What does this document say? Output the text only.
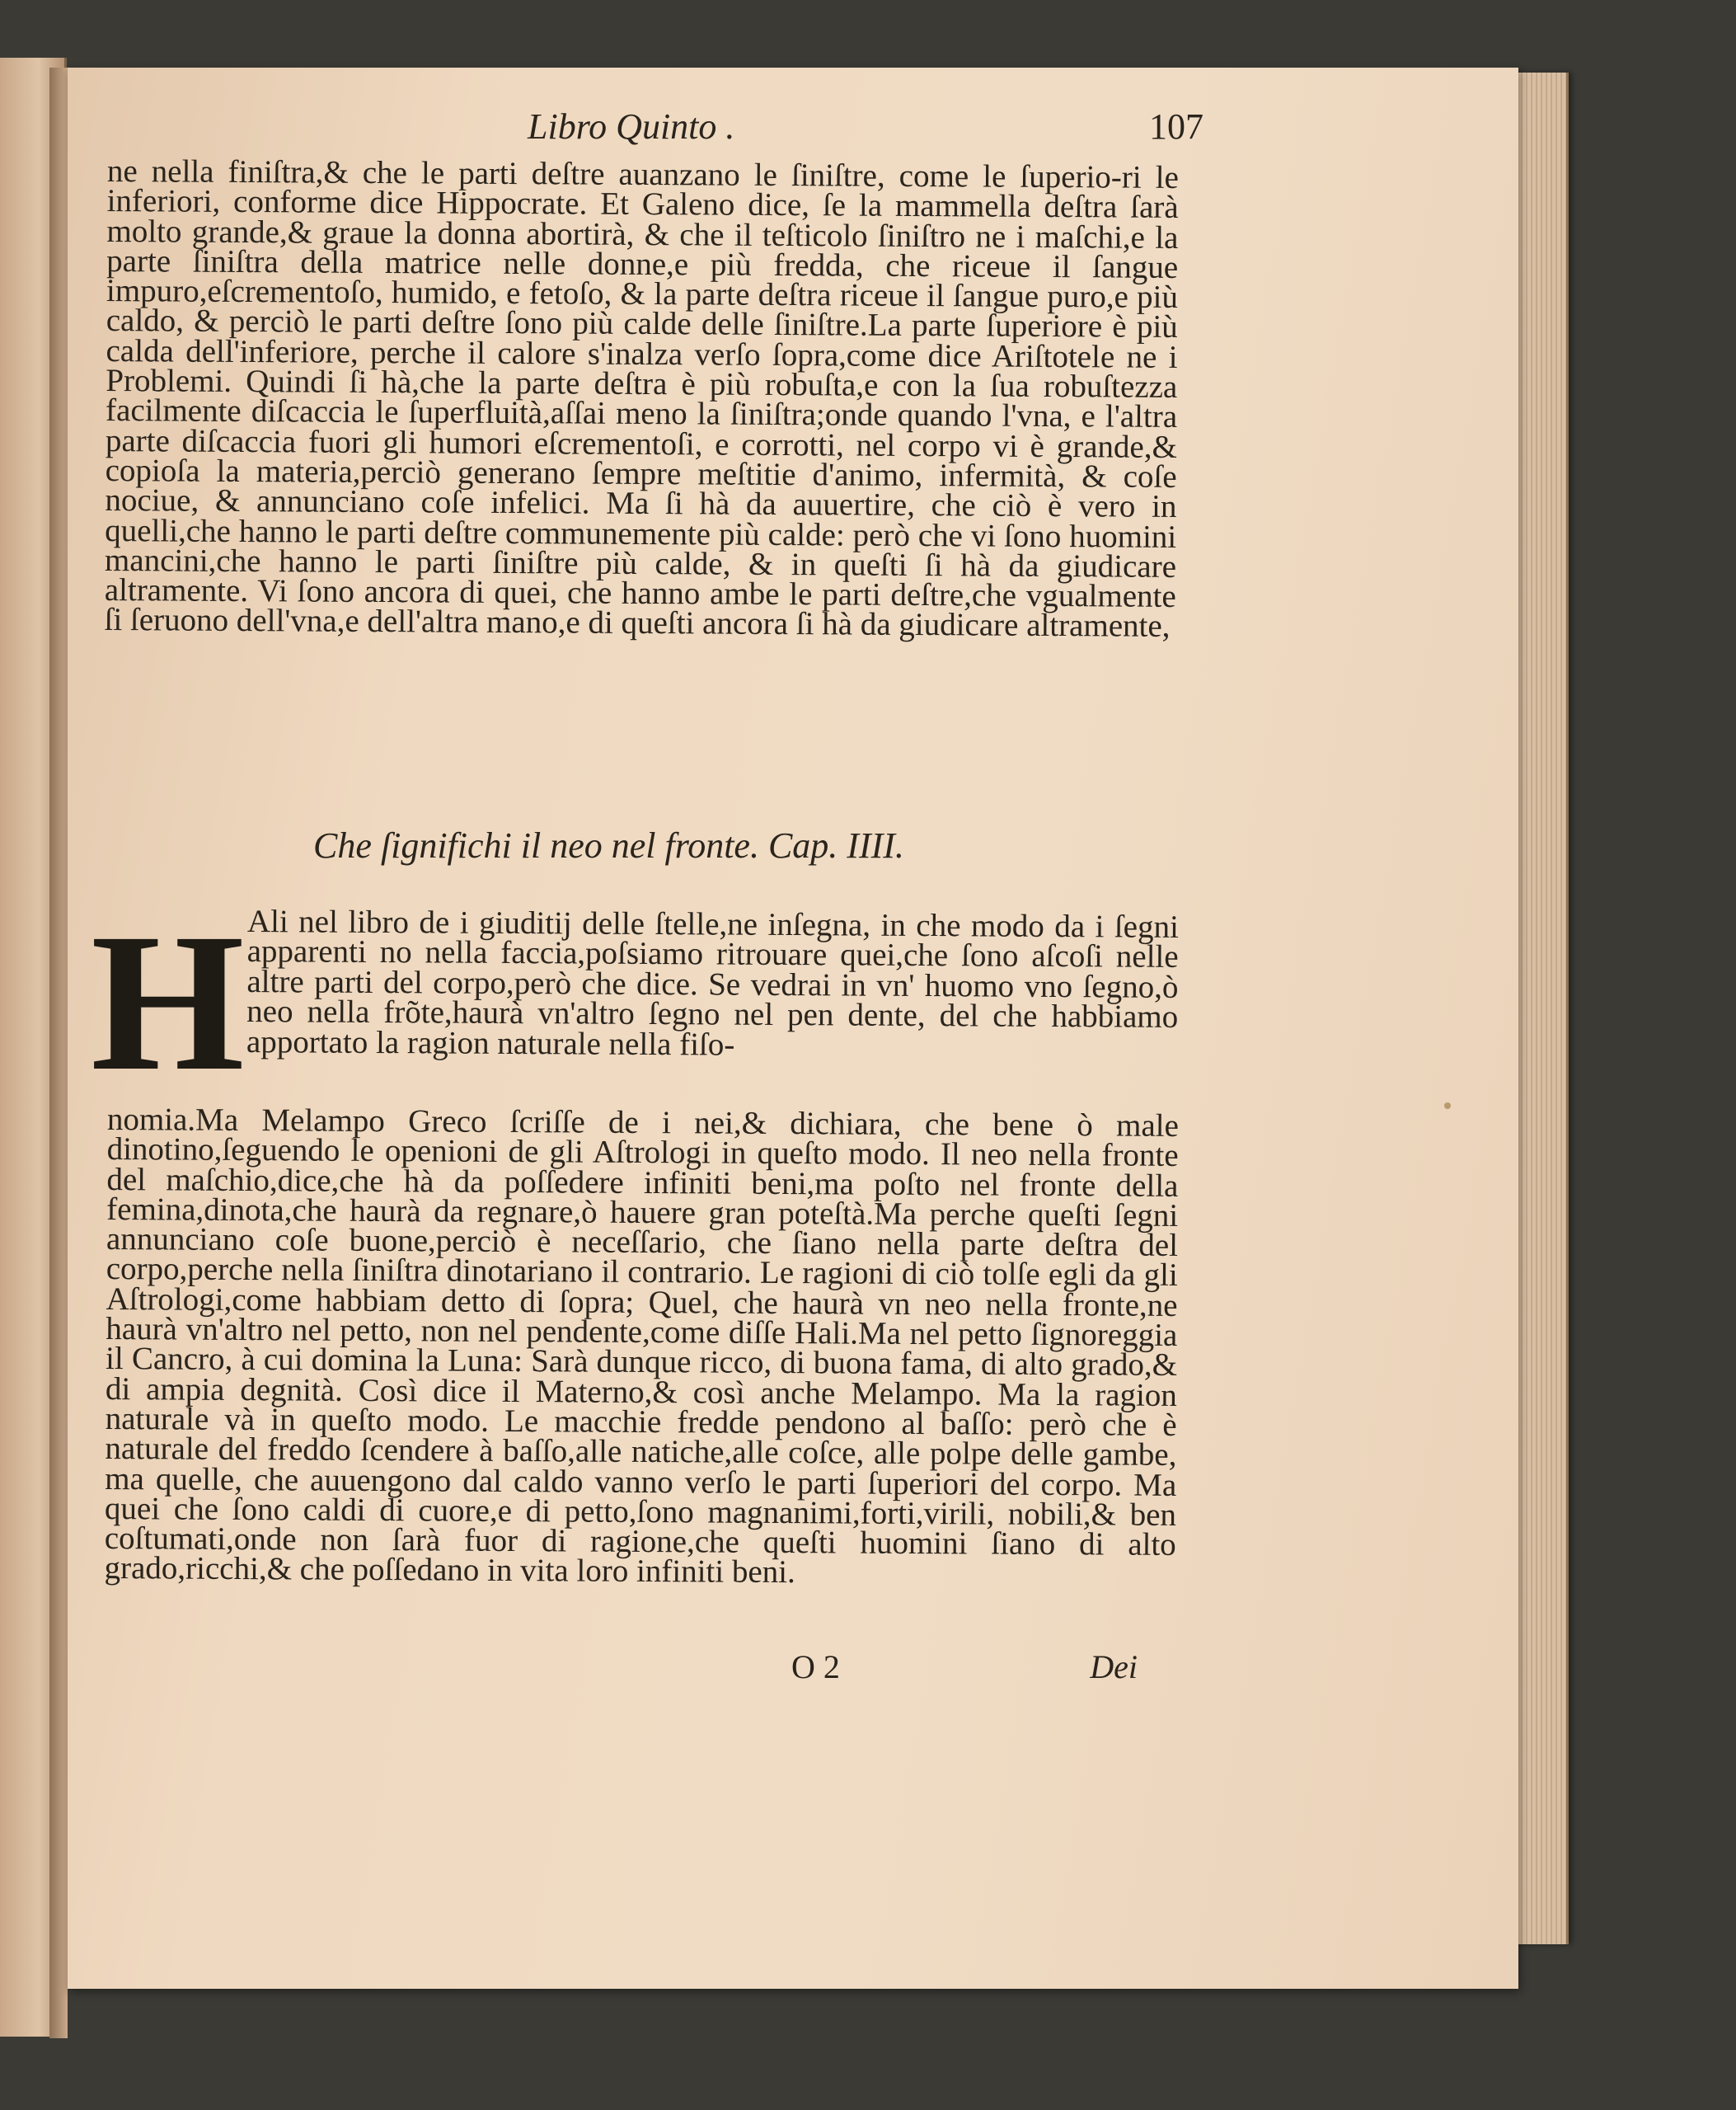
Libro Quinto .	107
ne nella finiſtra,& che le parti deſtre auanzano le ſiniſtre, come le ſuperio-ri le inferiori, conforme dice Hippocrate. Et Galeno dice, ſe la mammella deſtra ſarà molto grande,& graue la donna abortirà, & che il teſticolo ſiniſtro ne i maſchi,e la parte ſiniſtra della matrice nelle donne,e più fredda, che riceue il ſangue impuro,eſcrementoſo, humido, e fetoſo, & la parte deſtra riceue il ſangue puro,e più caldo, & perciò le parti deſtre ſono più calde delle ſiniſtre.La parte ſuperiore è più calda dell'inferiore, perche il calore s'inalza verſo ſopra,come dice Ariſtotele ne i Problemi. Quindi ſi hà,che la parte deſtra è più robuſta,e con la ſua robuſtezza facilmente diſcaccia le ſuperfluità,aſſai meno la ſiniſtra;onde quando l'vna, e l'altra parte diſcaccia fuori gli humori eſcrementoſi, e corrotti, nel corpo vi è grande,& copioſa la materia,perciò generano ſempre meſtitie d'animo, infermità, & coſe nociue, & annunciano coſe infelici. Ma ſi hà da auuertire, che ciò è vero in quelli,che hanno le parti deſtre communemente più calde: però che vi ſono huomini mancini,che hanno le parti ſiniſtre più calde, & in queſti ſi hà da giudicare altramente. Vi ſono ancora di quei, che hanno ambe le parti deſtre,che vgualmente ſi ſeruono dell'vna,e dell'altra mano,e di queſti ancora ſi hà da giudicare altramente,
Che ſignifichi il neo nel fronte. Cap. IIII.
H Ali nel libro de i giuditij delle ſtelle,ne inſegna, in che modo da i ſegni apparenti no nella faccia,poſsiamo ritrouare quei,che ſono aſcoſi nelle altre parti del corpo,però che dice. Se vedrai in vn' huomo vno ſegno,ò neo nella frõte,haurà vn'altro ſegno nel pen dente, del che habbiamo apportato la ragion naturale nella fiſo-
nomia.Ma Melampo Greco ſcriſſe de i nei,& dichiara, che bene ò male dinotino,ſeguendo le openioni de gli Aſtrologi in queſto modo. Il neo nella fronte del maſchio,dice,che hà da poſſedere infiniti beni,ma poſto nel fronte della femina,dinota,che haurà da regnare,ò hauere gran poteſtà.Ma perche queſti ſegni annunciano coſe buone,perciò è neceſſario, che ſiano nella parte deſtra del corpo,perche nella ſiniſtra dinotariano il contrario. Le ragioni di ciò tolſe egli da gli Aſtrologi,come habbiam detto di ſopra; Quel, che haurà vn neo nella fronte,ne haurà vn'altro nel petto, non nel pendente,come diſſe Hali.Ma nel petto ſignoreggia il Cancro, à cui domina la Luna: Sarà dunque ricco, di buona fama, di alto grado,& di ampia degnità. Così dice il Materno,& così anche Melampo. Ma la ragion naturale và in queſto modo. Le macchie fredde pendono al baſſo: però che è naturale del freddo ſcendere à baſſo,alle natiche,alle coſce, alle polpe delle gambe, ma quelle, che auuengono dal caldo vanno verſo le parti ſuperiori del corpo. Ma quei che ſono caldi di cuore,e di petto,ſono magnanimi,forti,virili, nobili,& ben coſtumati,onde non ſarà fuor di ragione,che queſti huomini ſiano di alto grado,ricchi,& che poſſedano in vita loro infiniti beni.
O 2	Dei
